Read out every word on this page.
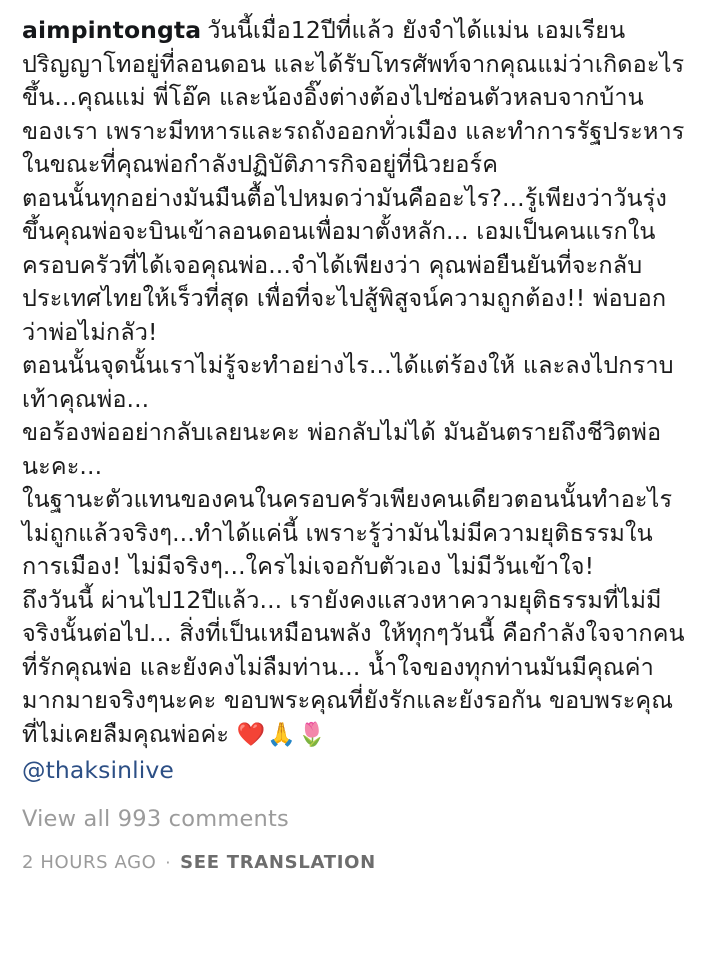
aimpintongta วันนี้เมื่อ12ปีที่แล้ว ยังจำได้แม่น เอมเรียนปริญญาโทอยู่ที่ลอนดอน และได้รับโทรศัพท์จากคุณแม่ว่าเกิดอะไรขึ้น...คุณแม่ พี่โอ๊ค และน้องอิ๊งต่างต้องไปซ่อนตัวหลบจากบ้านของเรา เพราะมีทหารและรถถังออกทั่วเมือง และทำการรัฐประหารในขณะที่คุณพ่อกำลังปฏิบัติภารกิจอยู่ที่นิวยอร์ค
ตอนนั้นทุกอย่างมันมืนตื้อไปหมดว่ามันคืออะไร?...รู้เพียงว่าวันรุ่งขึ้นคุณพ่อจะบินเข้าลอนดอนเพื่อมาตั้งหลัก... เอมเป็นคนแรกในครอบครัวที่ได้เจอคุณพ่อ...จำได้เพียงว่า คุณพ่อยืนยันที่จะกลับประเทศไทยให้เร็วที่สุด เพื่อที่จะไปสู้พิสูจน์ความถูกต้อง!! พ่อบอกว่าพ่อไม่กลัว!
ตอนนั้นจุดนั้นเราไม่รู้จะทำอย่างไร...ได้แต่ร้องให้ และลงไปกราบเท้าคุณพ่อ...
ขอร้องพ่ออย่ากลับเลยนะคะ พ่อกลับไม่ได้ มันอันตรายถึงชีวิตพ่อนะคะ...
ในฐานะตัวแทนของคนในครอบครัวเพียงคนเดียวตอนนั้นทำอะไรไม่ถูกแล้วจริงๆ...ทำได้แค่นี้ เพราะรู้ว่ามันไม่มีความยุติธรรมในการเมือง! ไม่มีจริงๆ...ใครไม่เจอกับตัวเอง ไม่มีวันเข้าใจ!
ถึงวันนี้ ผ่านไป12ปีแล้ว... เรายังคงแสวงหาความยุติธรรมที่ไม่มีจริงนั้นต่อไป... สิ่งที่เป็นเหมือนพลัง ให้ทุกๆวันนี้ คือกำลังใจจากคนที่รักคุณพ่อ และยังคงไม่ลืมท่าน... น้ำใจของทุกท่านมันมีคุณค่ามากมายจริงๆนะคะ ขอบพระคุณที่ยังรักและยังรอกัน ขอบพระคุณที่ไม่เคยลืมคุณพ่อค่ะ ❤️🙏🌷
@thaksinlive
View all 993 comments
2 HOURS AGO · SEE TRANSLATION
